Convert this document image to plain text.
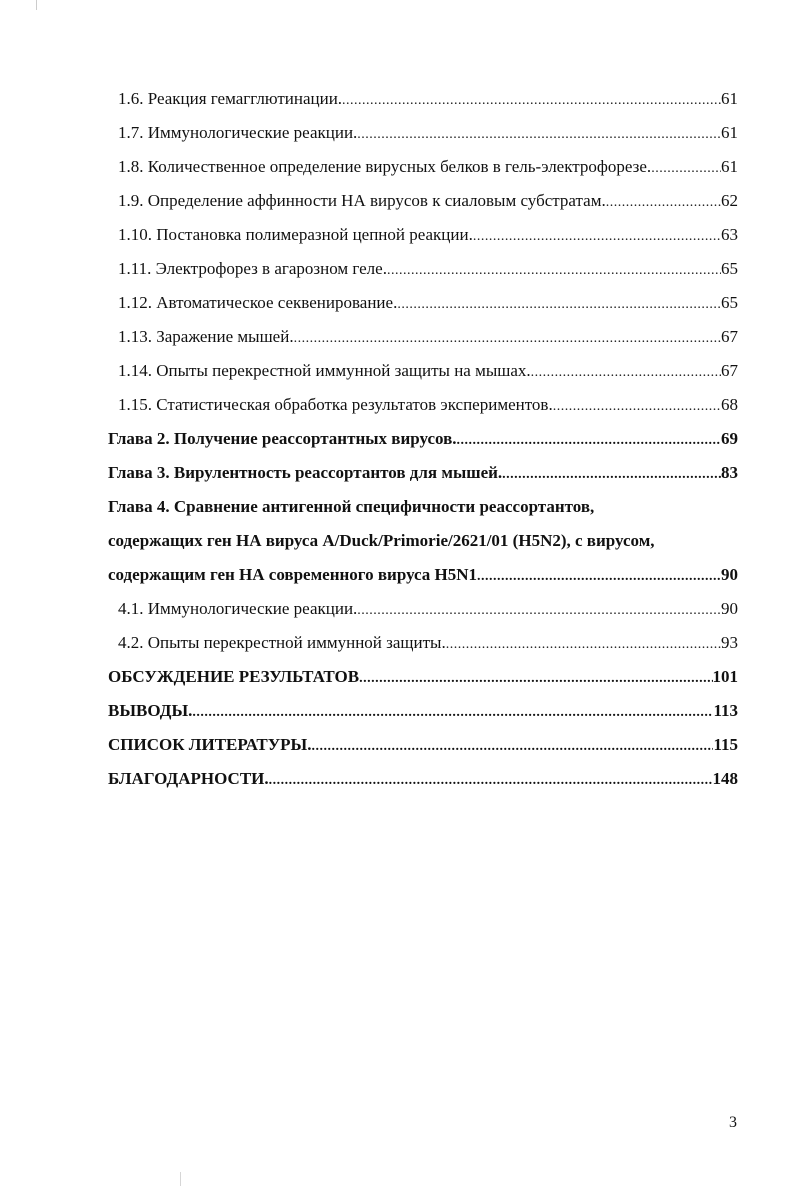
1.6. Реакция гемагглютинации. .....	61
1.7. Иммунологические реакции. .....	61
1.8. Количественное определение вирусных белков в гель-электрофорезе. .....	61
1.9. Определение аффинности НА вирусов к сиаловым субстратам. .....	62
1.10. Постановка полимеразной цепной реакции. .....	63
1.11. Электрофорез в агарозном геле. .....	65
1.12. Автоматическое секвенирование. .....	65
1.13. Заражение мышей. .....	67
1.14. Опыты перекрестной иммунной защиты на мышах. .....	67
1.15. Статистическая обработка результатов экспериментов. .....	68
Глава 2. Получение реассортантных вирусов. .....	69
Глава 3. Вирулентность реассортантов для мышей. .....	83
Глава 4. Сравнение антигенной специфичности реассортантов,
содержащих ген НА вируса A/Duck/Primorie/2621/01 (H5N2), с вирусом,
содержащим ген НА современного вируса H5N1 .....	90
4.1. Иммунологические реакции. .....	90
4.2. Опыты перекрестной иммунной защиты. .....	93
ОБСУЖДЕНИЕ РЕЗУЛЬТАТОВ .....	101
ВЫВОДЫ. .....	113
СПИСОК ЛИТЕРАТУРЫ. .....	115
БЛАГОДАРНОСТИ. .....	148
3
